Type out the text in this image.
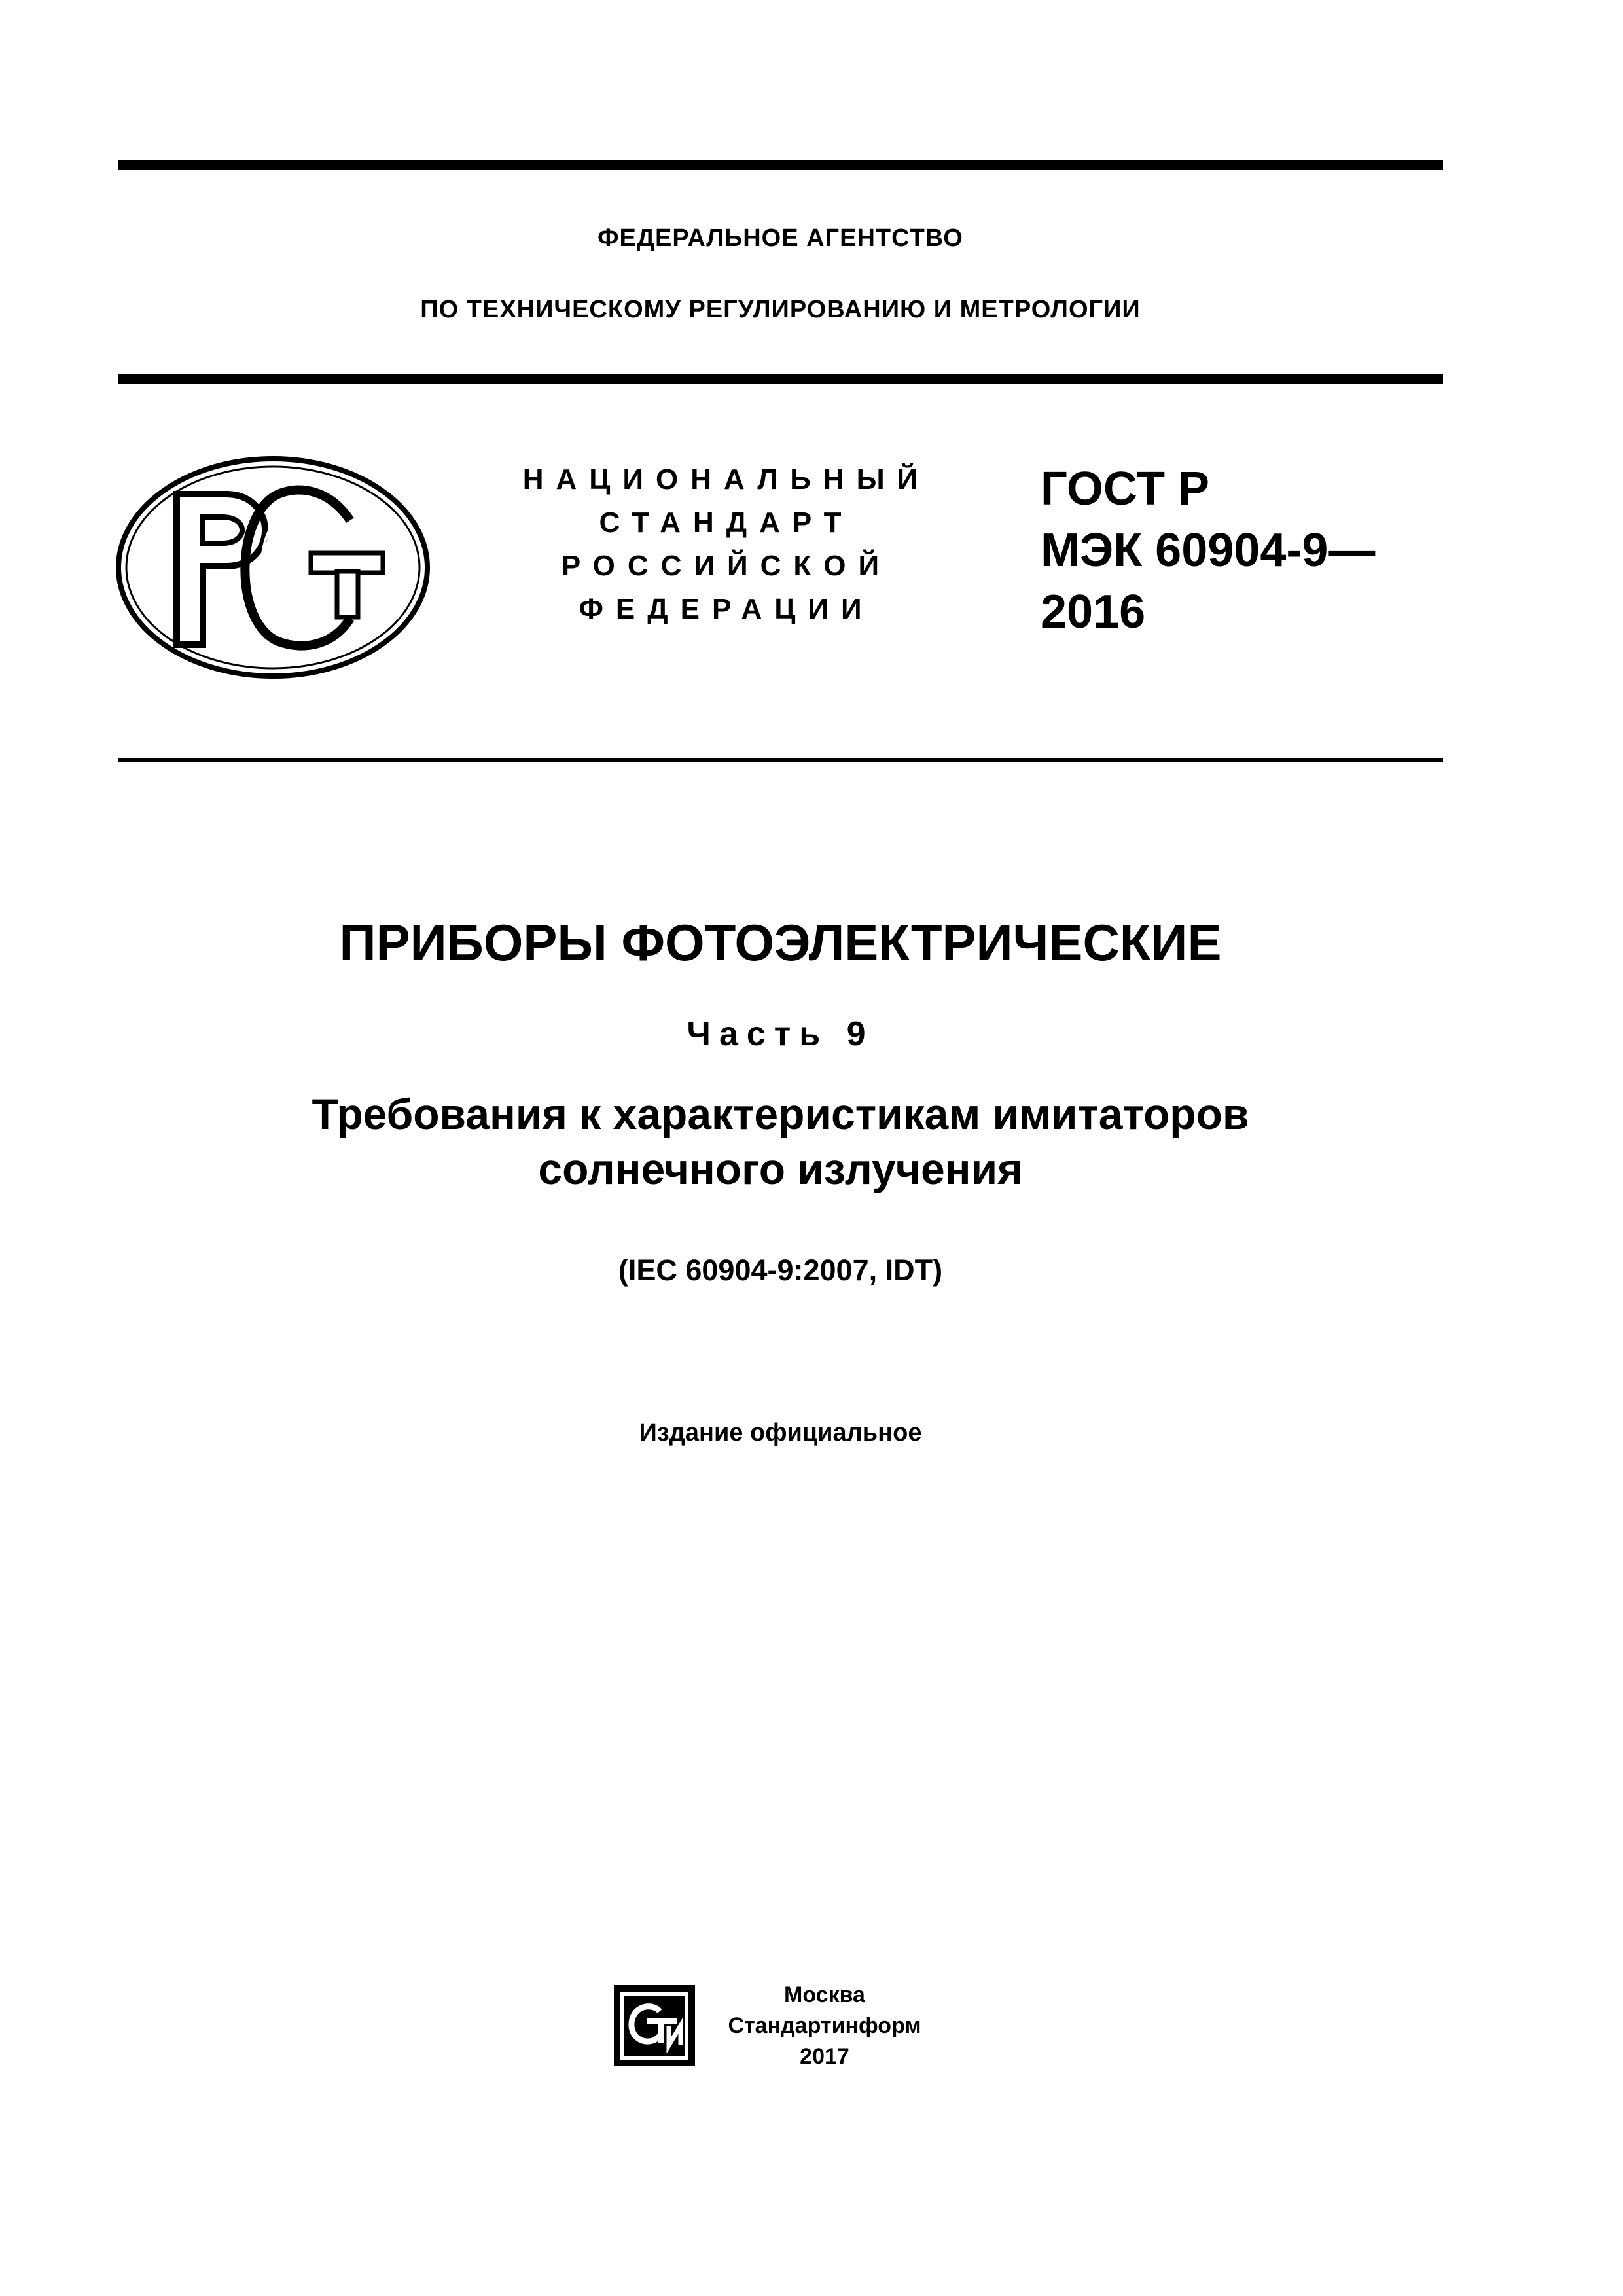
ФЕДЕРАЛЬНОЕ АГЕНТСТВО
ПО ТЕХНИЧЕСКОМУ РЕГУЛИРОВАНИЮ И МЕТРОЛОГИИ
НАЦИОНАЛЬНЫЙ
СТАНДАРТ
РОССИЙСКОЙ
ФЕДЕРАЦИИ
ГОСТ Р
МЭК 60904-9—
2016
ПРИБОРЫ ФОТОЭЛЕКТРИЧЕСКИЕ
Часть 9
Требования к характеристикам имитаторов
солнечного излучения
(IEC 60904-9:2007, IDT)
Издание официальное
Москва
Стандартинформ
2017
